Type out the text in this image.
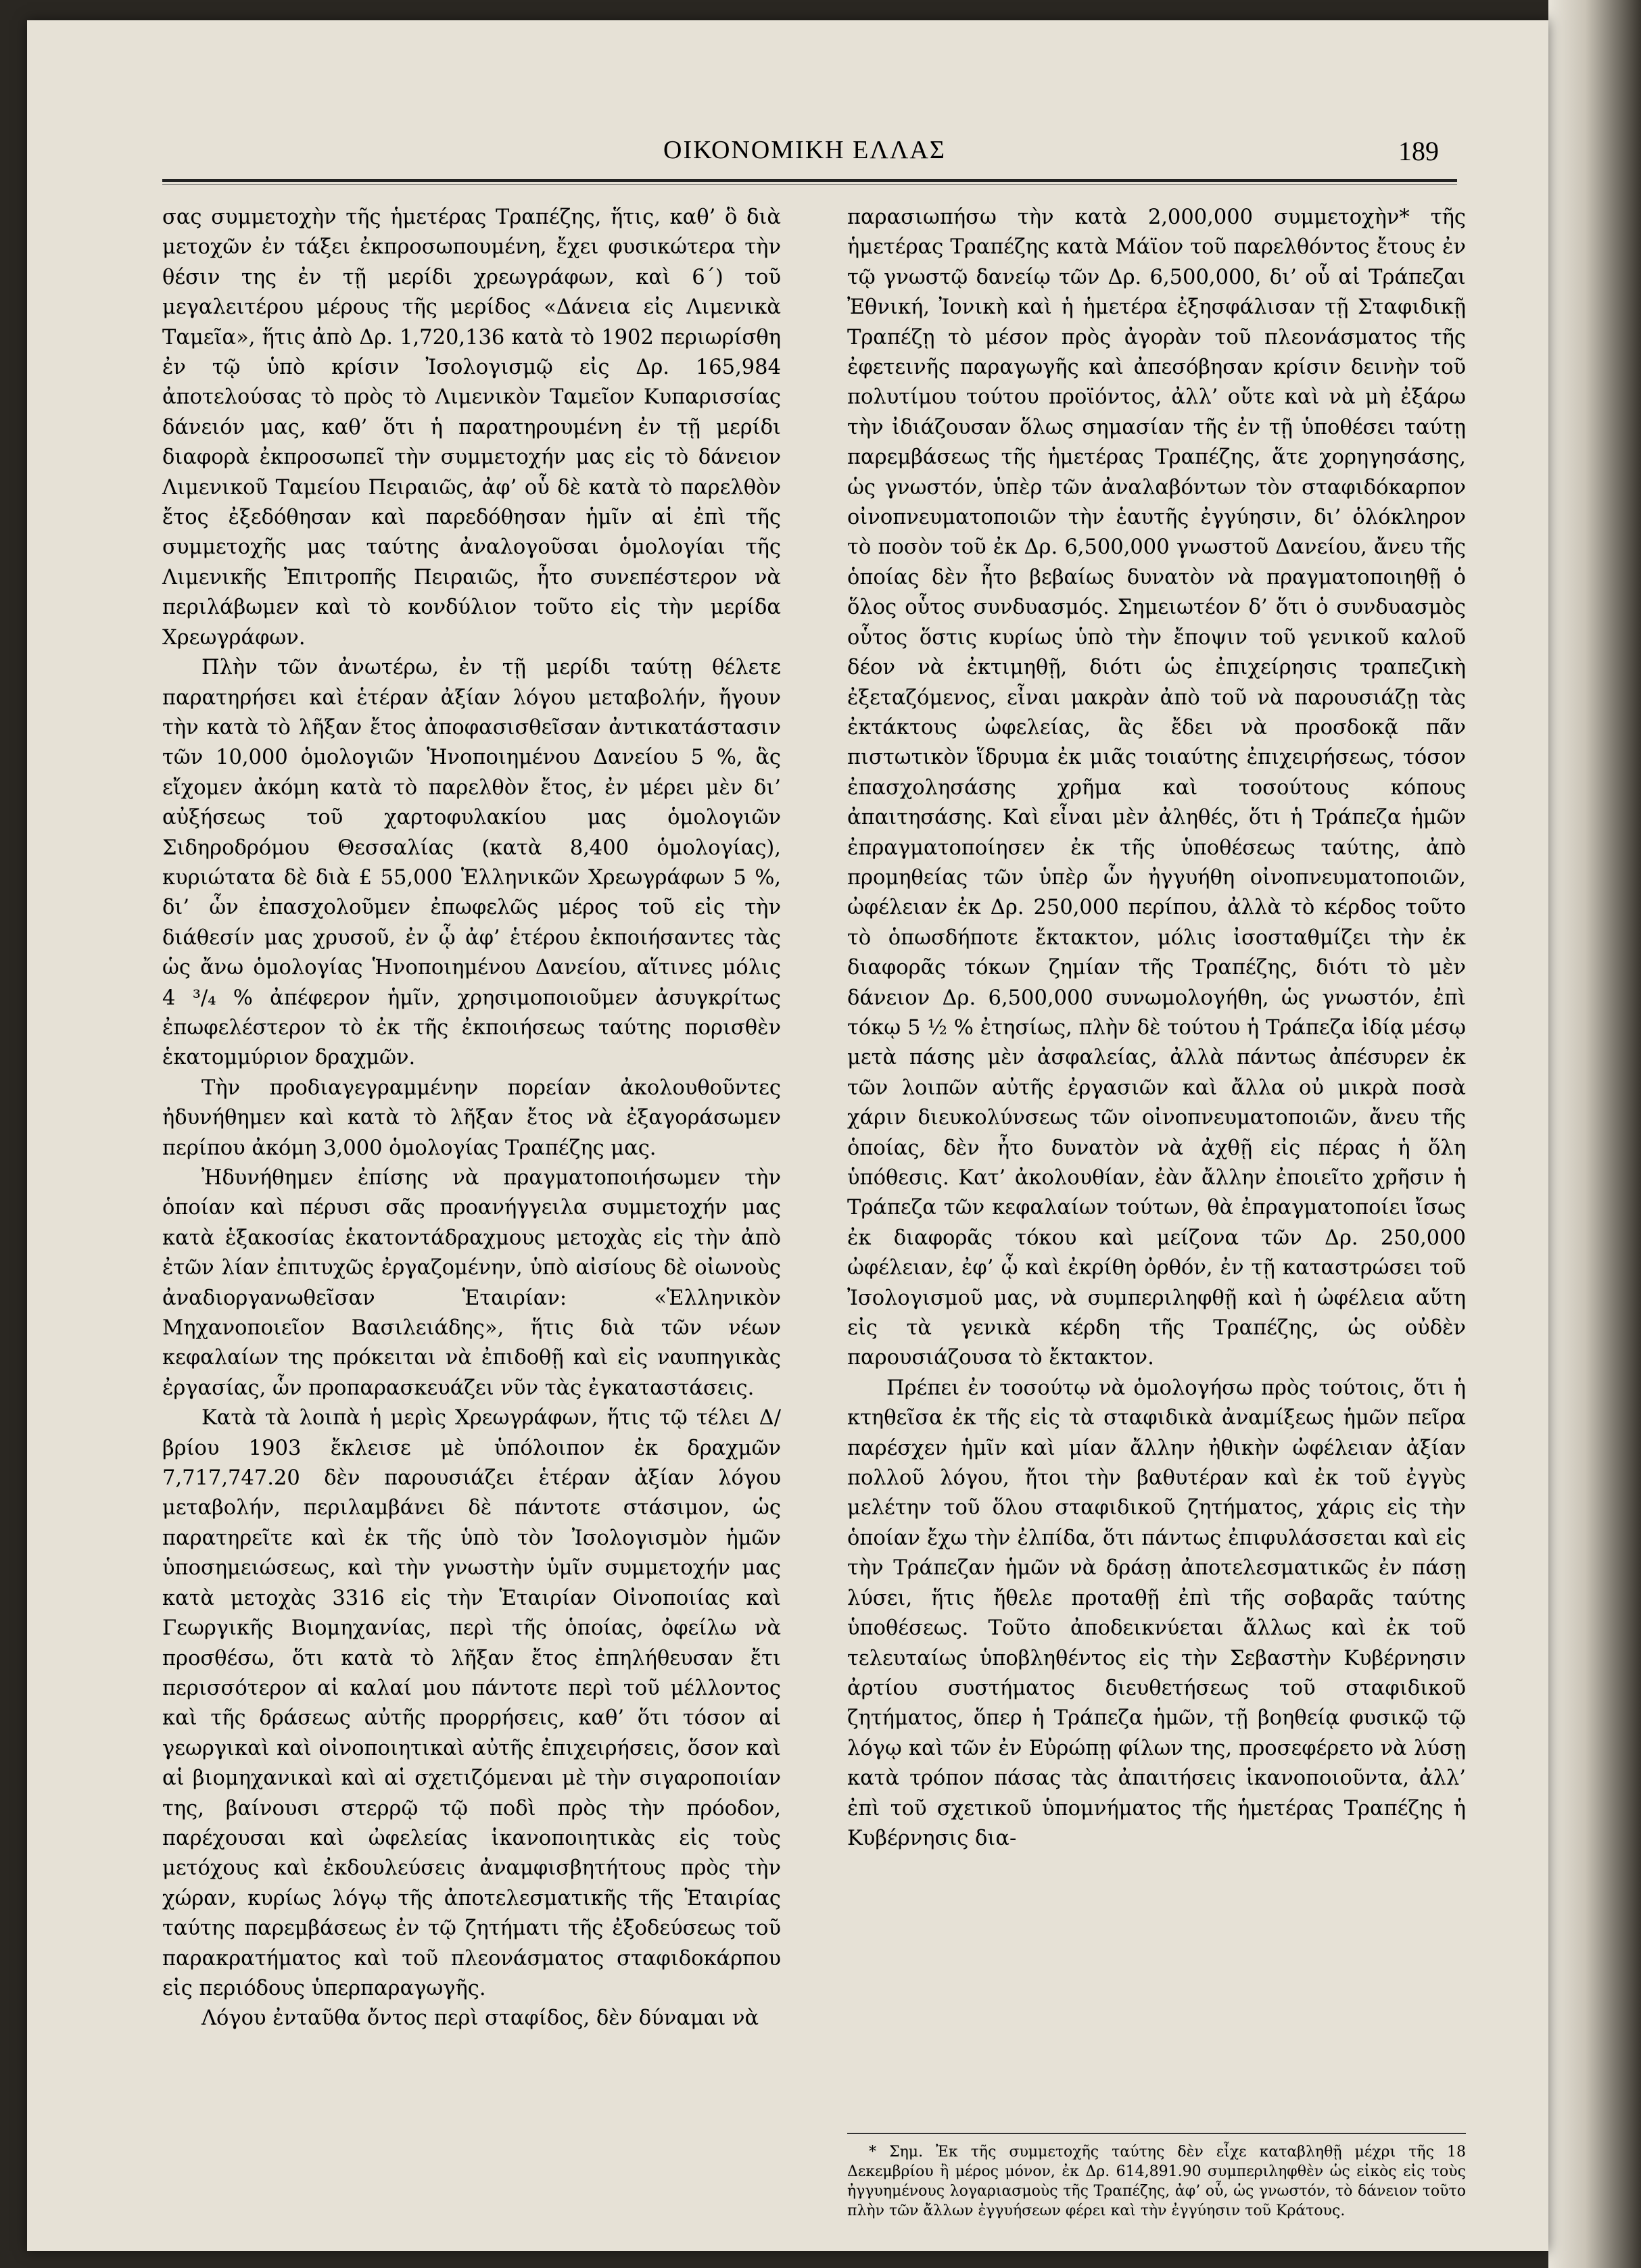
ΟΙΚΟΝΟΜΙΚΗ ΕΛΛΑΣ	189

σας συμμετοχὴν τῆς ἡμετέρας Τραπέζης, ἥτις, καθ’ ὃ διὰ μετοχῶν ἐν τάξει ἐκπροσωπουμένη, ἔχει φυσικώτερα τὴν θέσιν της ἐν τῇ μερίδι χρεωγράφων, καὶ 6΄) τοῦ μεγαλειτέρου μέρους τῆς μερίδος «Δάνεια εἰς Λιμενικὰ Ταμεῖα», ἥτις ἀπὸ Δρ. 1,720,136 κατὰ τὸ 1902 περιωρίσθη ἐν τῷ ὑπὸ κρίσιν Ἰσολογισμῷ εἰς Δρ. 165,984 ἀποτελούσας τὸ πρὸς τὸ Λιμενικὸν Ταμεῖον Κυπαρισσίας δάνειόν μας, καθ’ ὅτι ἡ παρατηρουμένη ἐν τῇ μερίδι διαφορὰ ἐκπροσωπεῖ τὴν συμμετοχήν μας εἰς τὸ δάνειον Λιμενικοῦ Ταμείου Πειραιῶς, ἀφ’ οὗ δὲ κατὰ τὸ παρελθὸν ἔτος ἐξεδόθησαν καὶ παρεδόθησαν ἡμῖν αἱ ἐπὶ τῆς συμμετοχῆς μας ταύτης ἀναλογοῦσαι ὁμολογίαι τῆς Λιμενικῆς Ἐπιτροπῆς Πειραιῶς, ἦτο συνεπέστερον νὰ περιλάβωμεν καὶ τὸ κονδύλιον τοῦτο εἰς τὴν μερίδα Χρεωγράφων.

Πλὴν τῶν ἀνωτέρω, ἐν τῇ μερίδι ταύτῃ θέλετε παρατηρήσει καὶ ἑτέραν ἀξίαν λόγου μεταβολήν, ἤγουν τὴν κατὰ τὸ λῆξαν ἔτος ἀποφασισθεῖσαν ἀντικατάστασιν τῶν 10,000 ὁμολογιῶν Ἡνοποιημένου Δανείου 5 %, ἃς εἴχομεν ἀκόμη κατὰ τὸ παρελθὸν ἔτος, ἐν μέρει μὲν δι’ αὐξήσεως τοῦ χαρτοφυλακίου μας ὁμολογιῶν Σιδηροδρόμου Θεσσαλίας (κατὰ 8,400 ὁμολογίας), κυριώτατα δὲ διὰ £ 55,000 Ἑλληνικῶν Χρεωγράφων 5 %, δι’ ὧν ἐπασχολοῦμεν ἐπωφελῶς μέρος τοῦ εἰς τὴν διάθεσίν μας χρυσοῦ, ἐν ᾧ ἀφ’ ἑτέρου ἐκποιήσαντες τὰς ὡς ἄνω ὁμολογίας Ἡνοποιημένου Δανείου, αἵτινες μόλις 4 ³/₄ % ἀπέφερον ἡμῖν, χρησιμοποιοῦμεν ἀσυγκρίτως ἐπωφελέστερον τὸ ἐκ τῆς ἐκποιήσεως ταύτης πορισθὲν ἑκατομμύριον δραχμῶν.

Τὴν προδιαγεγραμμένην πορείαν ἀκολουθοῦντες ἠδυνήθημεν καὶ κατὰ τὸ λῆξαν ἔτος νὰ ἐξαγοράσωμεν περίπου ἀκόμη 3,000 ὁμολογίας Τραπέζης μας.

Ἠδυνήθημεν ἐπίσης νὰ πραγματοποιήσωμεν τὴν ὁποίαν καὶ πέρυσι σᾶς προανήγγειλα συμμετοχήν μας κατὰ ἑξακοσίας ἑκατοντάδραχμους μετοχὰς εἰς τὴν ἀπὸ ἐτῶν λίαν ἐπιτυχῶς ἐργαζομένην, ὑπὸ αἰσίους δὲ οἰωνοὺς ἀναδιοργανωθεῖσαν Ἑταιρίαν: «Ἑλληνικὸν Μηχανοποιεῖον Βασιλειάδης», ἥτις διὰ τῶν νέων κεφαλαίων της πρόκειται νὰ ἐπιδοθῇ καὶ εἰς ναυπηγικὰς ἐργασίας, ὧν προπαρασκευάζει νῦν τὰς ἐγκαταστάσεις.

Κατὰ τὰ λοιπὰ ἡ μερὶς Χρεωγράφων, ἥτις τῷ τέλει Δ/βρίου 1903 ἔκλεισε μὲ ὑπόλοιπον ἐκ δραχμῶν 7,717,747.20 δὲν παρουσιάζει ἑτέραν ἀξίαν λόγου μεταβολήν, περιλαμβάνει δὲ πάντοτε στάσιμον, ὡς παρατηρεῖτε καὶ ἐκ τῆς ὑπὸ τὸν Ἰσολογισμὸν ἡμῶν ὑποσημειώσεως, καὶ τὴν γνωστὴν ὑμῖν συμμετοχήν μας κατὰ μετοχὰς 3316 εἰς τὴν Ἑταιρίαν Οἰνοποιίας καὶ Γεωργικῆς Βιομηχανίας, περὶ τῆς ὁποίας, ὀφείλω νὰ προσθέσω, ὅτι κατὰ τὸ λῆξαν ἔτος ἐπηλήθευσαν ἔτι περισσότερον αἱ καλαί μου πάντοτε περὶ τοῦ μέλλοντος καὶ τῆς δράσεως αὐτῆς προρρήσεις, καθ’ ὅτι τόσον αἱ γεωργικαὶ καὶ οἰνοποιητικαὶ αὐτῆς ἐπιχειρήσεις, ὅσον καὶ αἱ βιομηχανικαὶ καὶ αἱ σχετιζόμεναι μὲ τὴν σιγαροποιίαν της, βαίνουσι στερρῷ τῷ ποδὶ πρὸς τὴν πρόοδον, παρέχουσαι καὶ ὠφελείας ἱκανοποιητικὰς εἰς τοὺς μετόχους καὶ ἐκδουλεύσεις ἀναμφισβητήτους πρὸς τὴν χώραν, κυρίως λόγῳ τῆς ἀποτελεσματικῆς τῆς Ἑταιρίας ταύτης παρεμβάσεως ἐν τῷ ζητήματι τῆς ἐξοδεύσεως τοῦ παρακρατήματος καὶ τοῦ πλεονάσματος σταφιδοκάρπου εἰς περιόδους ὑπερπαραγωγῆς.

Λόγου ἐνταῦθα ὄντος περὶ σταφίδος, δὲν δύναμαι νὰ

παρασιωπήσω τὴν κατὰ 2,000,000 συμμετοχὴν* τῆς ἡμετέρας Τραπέζης κατὰ Μάϊον τοῦ παρελθόντος ἔτους ἐν τῷ γνωστῷ δανείῳ τῶν Δρ. 6,500,000, δι’ οὗ αἱ Τράπεζαι Ἐθνική, Ἰονικὴ καὶ ἡ ἡμετέρα ἐξησφάλισαν τῇ Σταφιδικῇ Τραπέζῃ τὸ μέσον πρὸς ἀγορὰν τοῦ πλεονάσματος τῆς ἐφετεινῆς παραγωγῆς καὶ ἀπεσόβησαν κρίσιν δεινὴν τοῦ πολυτίμου τούτου προϊόντος, ἀλλ’ οὔτε καὶ νὰ μὴ ἐξάρω τὴν ἰδιάζουσαν ὅλως σημασίαν τῆς ἐν τῇ ὑποθέσει ταύτῃ παρεμβάσεως τῆς ἡμετέρας Τραπέζης, ἅτε χορηγησάσης, ὡς γνωστόν, ὑπὲρ τῶν ἀναλαβόντων τὸν σταφιδόκαρπον οἰνοπνευματοποιῶν τὴν ἑαυτῆς ἐγγύησιν, δι’ ὁλόκληρον τὸ ποσὸν τοῦ ἐκ Δρ. 6,500,000 γνωστοῦ Δανείου, ἄνευ τῆς ὁποίας δὲν ἦτο βεβαίως δυνατὸν νὰ πραγματοποιηθῇ ὁ ὅλος οὗτος συνδυασμός. Σημειωτέον δ’ ὅτι ὁ συνδυασμὸς οὗτος ὅστις κυρίως ὑπὸ τὴν ἔποψιν τοῦ γενικοῦ καλοῦ δέον νὰ ἐκτιμηθῇ, διότι ὡς ἐπιχείρησις τραπεζικὴ ἐξεταζόμενος, εἶναι μακρὰν ἀπὸ τοῦ νὰ παρουσιάζῃ τὰς ἐκτάκτους ὠφελείας, ἃς ἔδει νὰ προσδοκᾷ πᾶν πιστωτικὸν ἵδρυμα ἐκ μιᾶς τοιαύτης ἐπιχειρήσεως, τόσον ἐπασχολησάσης χρῆμα καὶ τοσούτους κόπους ἀπαιτησάσης. Καὶ εἶναι μὲν ἀληθές, ὅτι ἡ Τράπεζα ἡμῶν ἐπραγματοποίησεν ἐκ τῆς ὑποθέσεως ταύτης, ἀπὸ προμηθείας τῶν ὑπὲρ ὧν ἠγγυήθη οἰνοπνευματοποιῶν, ὠφέλειαν ἐκ Δρ. 250,000 περίπου, ἀλλὰ τὸ κέρδος τοῦτο τὸ ὁπωσδήποτε ἔκτακτον, μόλις ἰσοσταθμίζει τὴν ἐκ διαφορᾶς τόκων ζημίαν τῆς Τραπέζης, διότι τὸ μὲν δάνειον Δρ. 6,500,000 συνωμολογήθη, ὡς γνωστόν, ἐπὶ τόκῳ 5 ½ % ἐτησίως, πλὴν δὲ τούτου ἡ Τράπεζα ἰδίᾳ μέσῳ μετὰ πάσης μὲν ἀσφαλείας, ἀλλὰ πάντως ἀπέσυρεν ἐκ τῶν λοιπῶν αὐτῆς ἐργασιῶν καὶ ἄλλα οὐ μικρὰ ποσὰ χάριν διευκολύνσεως τῶν οἰνοπνευματοποιῶν, ἄνευ τῆς ὁποίας, δὲν ἦτο δυνατὸν νὰ ἀχθῇ εἰς πέρας ἡ ὅλη ὑπόθεσις. Κατ’ ἀκολουθίαν, ἐὰν ἄλλην ἐποιεῖτο χρῆσιν ἡ Τράπεζα τῶν κεφαλαίων τούτων, θὰ ἐπραγματοποίει ἴσως ἐκ διαφορᾶς τόκου καὶ μείζονα τῶν Δρ. 250,000 ὠφέλειαν, ἐφ’ ᾧ καὶ ἐκρίθη ὀρθόν, ἐν τῇ καταστρώσει τοῦ Ἰσολογισμοῦ μας, νὰ συμπεριληφθῇ καὶ ἡ ὠφέλεια αὕτη εἰς τὰ γενικὰ κέρδη τῆς Τραπέζης, ὡς οὐδὲν παρουσιάζουσα τὸ ἔκτακτον.

Πρέπει ἐν τοσούτῳ νὰ ὁμολογήσω πρὸς τούτοις, ὅτι ἡ κτηθεῖσα ἐκ τῆς εἰς τὰ σταφιδικὰ ἀναμίξεως ἡμῶν πεῖρα παρέσχεν ἡμῖν καὶ μίαν ἄλλην ἠθικὴν ὠφέλειαν ἀξίαν πολλοῦ λόγου, ἤτοι τὴν βαθυτέραν καὶ ἐκ τοῦ ἐγγὺς μελέτην τοῦ ὅλου σταφιδικοῦ ζητήματος, χάρις εἰς τὴν ὁποίαν ἔχω τὴν ἐλπίδα, ὅτι πάντως ἐπιφυλάσσεται καὶ εἰς τὴν Τράπεζαν ἡμῶν νὰ δράσῃ ἀποτελεσματικῶς ἐν πάσῃ λύσει, ἥτις ἤθελε προταθῇ ἐπὶ τῆς σοβαρᾶς ταύτης ὑποθέσεως. Τοῦτο ἀποδεικνύεται ἄλλως καὶ ἐκ τοῦ τελευταίως ὑποβληθέντος εἰς τὴν Σεβαστὴν Κυβέρνησιν ἀρτίου συστήματος διευθετήσεως τοῦ σταφιδικοῦ ζητήματος, ὅπερ ἡ Τράπεζα ἡμῶν, τῇ βοηθείᾳ φυσικῷ τῷ λόγῳ καὶ τῶν ἐν Εὐρώπῃ φίλων της, προσεφέρετο νὰ λύσῃ κατὰ τρόπον πάσας τὰς ἀπαιτήσεις ἱκανοποιοῦντα, ἀλλ’ ἐπὶ τοῦ σχετικοῦ ὑπομνήματος τῆς ἡμετέρας Τραπέζης ἡ Κυβέρνησις δια-

* Σημ. Ἐκ τῆς συμμετοχῆς ταύτης δὲν εἶχε καταβληθῇ μέχρι τῆς 18 Δεκεμβρίου ἢ μέρος μόνον, ἐκ Δρ. 614,891.90 συμπεριληφθὲν ὡς εἰκὸς εἰς τοὺς ἠγγυημένους λογαριασμοὺς τῆς Τραπέζης, ἀφ’ οὗ, ὡς γνωστόν, τὸ δάνειον τοῦτο πλὴν τῶν ἄλλων ἐγγυήσεων φέρει καὶ τὴν ἐγγύησιν τοῦ Κράτους.
